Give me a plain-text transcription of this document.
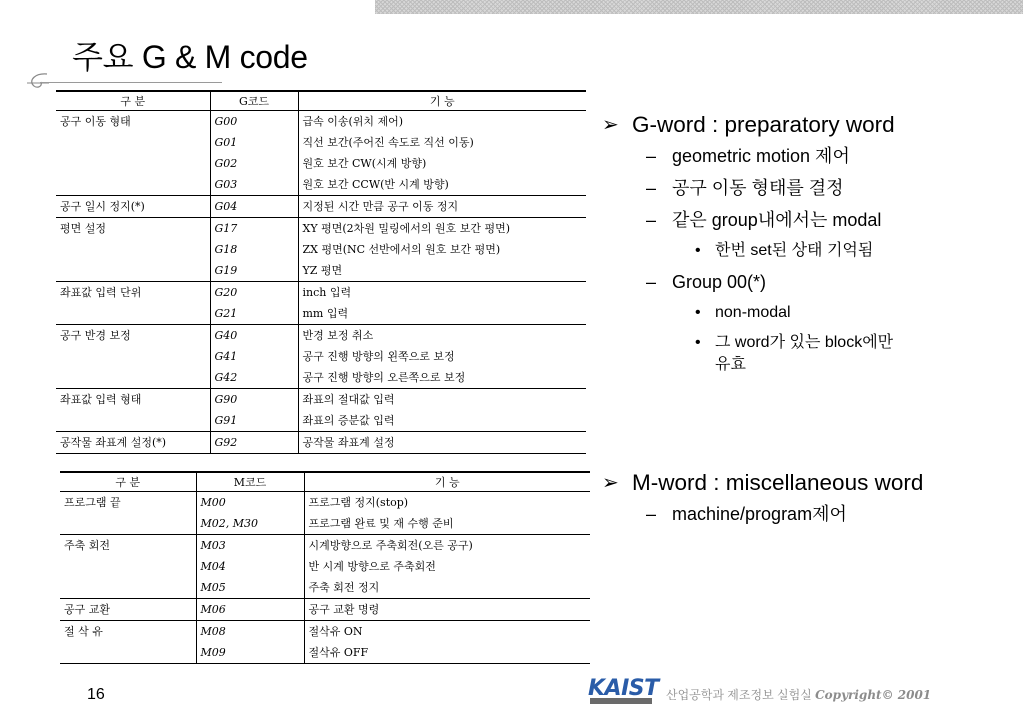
주요 G & M code
구 분	G코드	기 능
공구 이동 형태	G00	급속 이송(위치 제어)
	G01	직선 보간(주어진 속도로 직선 이동)
	G02	원호 보간 CW(시계 방향)
	G03	원호 보간 CCW(반 시계 방향)
공구 일시 정지(*)	G04	지정된 시간 만큼 공구 이동 정지
평면 설정	G17	XY 평면(2차원 밀링에서의 원호 보간 평면)
	G18	ZX 평면(NC 선반에서의 원호 보간 평면)
	G19	YZ 평면
좌표값 입력 단위	G20	inch 입력
	G21	mm 입력
공구 반경 보정	G40	반경 보정 취소
	G41	공구 진행 방향의 왼쪽으로 보정
	G42	공구 진행 방향의 오른쪽으로 보정
좌표값 입력 형태	G90	좌표의 절대값 입력
	G91	좌표의 증분값 입력
공작물 좌표계 설정(*)	G92	공작물 좌표계 설정
구 분	M코드	기 능
프로그램 끝	M00	프로그램 정지(stop)
	M02, M30	프로그램 완료 및 재 수행 준비
주축 회전	M03	시계방향으로 주축회전(오른 공구)
	M04	반 시계 방향으로 주축회전
	M05	주축 회전 정지
공구 교환	M06	공구 교환 명령
절 삭 유	M08	절삭유 ON
	M09	절삭유 OFF
➢ G-word : preparatory word
– geometric motion 제어
– 공구 이동 형태를 결정
– 같은 group내에서는 modal
• 한번 set된 상태 기억됨
– Group 00(*)
• non-modal
• 그 word가 있는 block에만
유효
➢ M-word : miscellaneous word
– machine/program제어
16	KAIST 산업공학과 제조정보 실험실 Copyright© 2001
